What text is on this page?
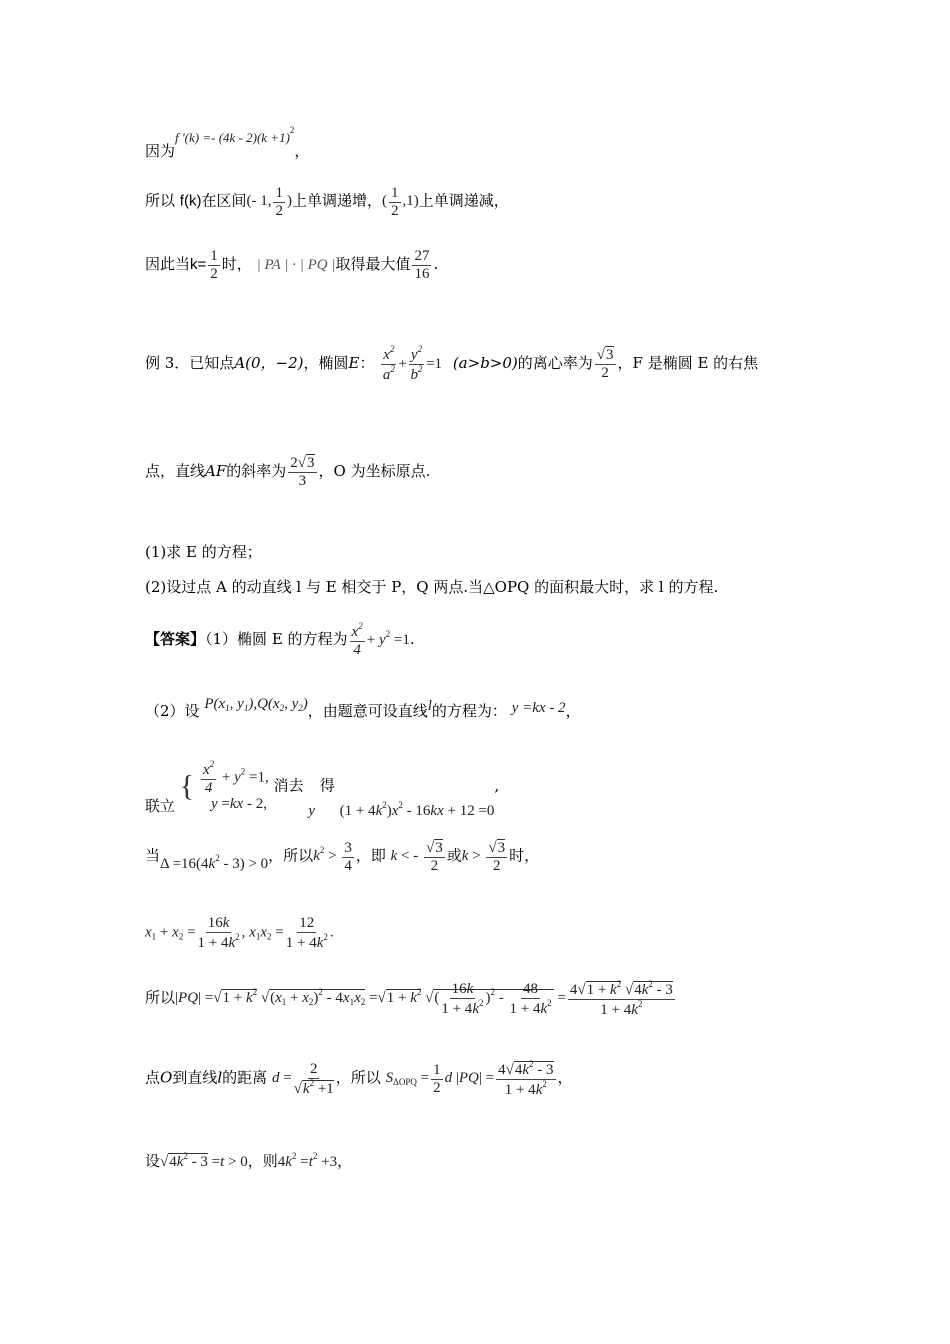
因为f '$(k) =- (4k - 2)(k +1)^2$，
所以 f(k)在区间(- 1, $\frac{1}{2}$ )上单调递增，( $\frac{1}{2} ,1$)上单调递减，
因此当$k= \frac{1}{2}$ 时， | PA | · | PQ |取得最大值 $\frac{27}{16}$ .
例 3．已知点A(0，−2)，椭圆E： $\frac{x^2}{a^2} + \frac{y^2}{b^2} =1$ (a>b>0)的离心率为 $\frac{√3}{2}$ ，F 是椭圆 E 的右焦
点，直线AF的斜率为 $\frac{2√3}{3}$ ，O 为坐标原点.
(1)求 E 的方程；
(2)设过点 A 的动直线 l 与 E 相交于 P，Q 两点.当△OPQ 的面积最大时，求 l 的方程.
【答案】（1）椭圆 E 的方程为 $\frac{x^2}{4} + y^2 =1$.
（2）设 $P(x_1$, $y_1),Q(x_2$, $y_2$)，由题意可设直线l的方程为： y =kx - 2，
联立 { $\frac{x^2}{4} + y^2 =1$,
y =kx - 2,
消去 y 得 $(1 + 4k^2)x^2 - 16kx + 12 =0$,
当$\Delta =16(4k^2 - 3) > 0$，所以$k^2 > \frac{3}{4}$ ，即 k < - $\frac{√3}{2}$ 或$k > \frac{√3}{2}$ 时，
$x_1 + x_2 = \frac{16k}{1 + 4k^2}$ , $x_1x_2 = \frac{12}{1 + 4k^2}$ .
所以$|PQ| =√1 + k^2$ $√(x_1 + x_2)^2 - 4x_1x_2 =√1 + k^2$ √( $\frac{16k}{1 + 4k^2} )^2 - \frac{48}{1 + 4k^2} = \frac{4√1 + k^2 √4k^2 - 3}{1 + 4k^2}$
点O到直线l的距离 $d = \frac{2}{√k^2 +1}$ ，所以 $S_{\Delta OPQ} = \frac{1}{2}$ d $|PQ| = \frac{4√4k^2 - 3}{1 + 4k^2}$ ，
设$√4k^2 - 3 =t > 0$，则$4k^2 =t^2 +3$，
